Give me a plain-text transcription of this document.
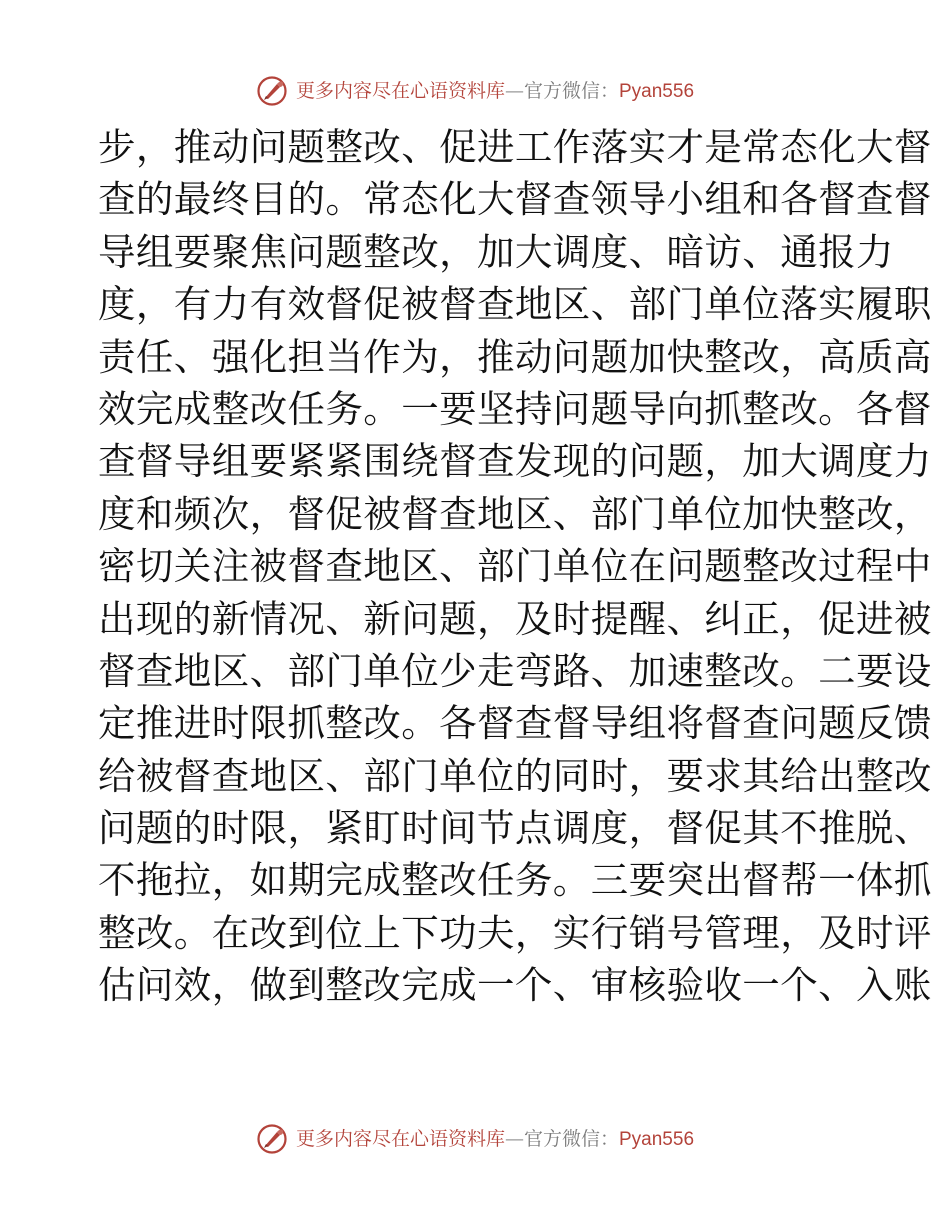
更多内容尽在心语资料库 — 官方微信： Pyan556
步，推动问题整改、促进工作落实才是常态化大督
查的最终目的。常态化大督查领导小组和各督查督
导组要聚焦问题整改，加大调度、暗访、通报力
度，有力有效督促被督查地区、部门单位落实履职
责任、强化担当作为，推动问题加快整改，高质高
效完成整改任务。一要坚持问题导向抓整改。各督
查督导组要紧紧围绕督查发现的问题，加大调度力
度和频次，督促被督查地区、部门单位加快整改，
密切关注被督查地区、部门单位在问题整改过程中
出现的新情况、新问题，及时提醒、纠正，促进被
督查地区、部门单位少走弯路、加速整改。二要设
定推进时限抓整改。各督查督导组将督查问题反馈
给被督查地区、部门单位的同时，要求其给出整改
问题的时限，紧盯时间节点调度，督促其不推脱、
不拖拉，如期完成整改任务。三要突出督帮一体抓
整改。在改到位上下功夫，实行销号管理，及时评
估问效，做到整改完成一个、审核验收一个、入账
更多内容尽在心语资料库 — 官方微信： Pyan556
